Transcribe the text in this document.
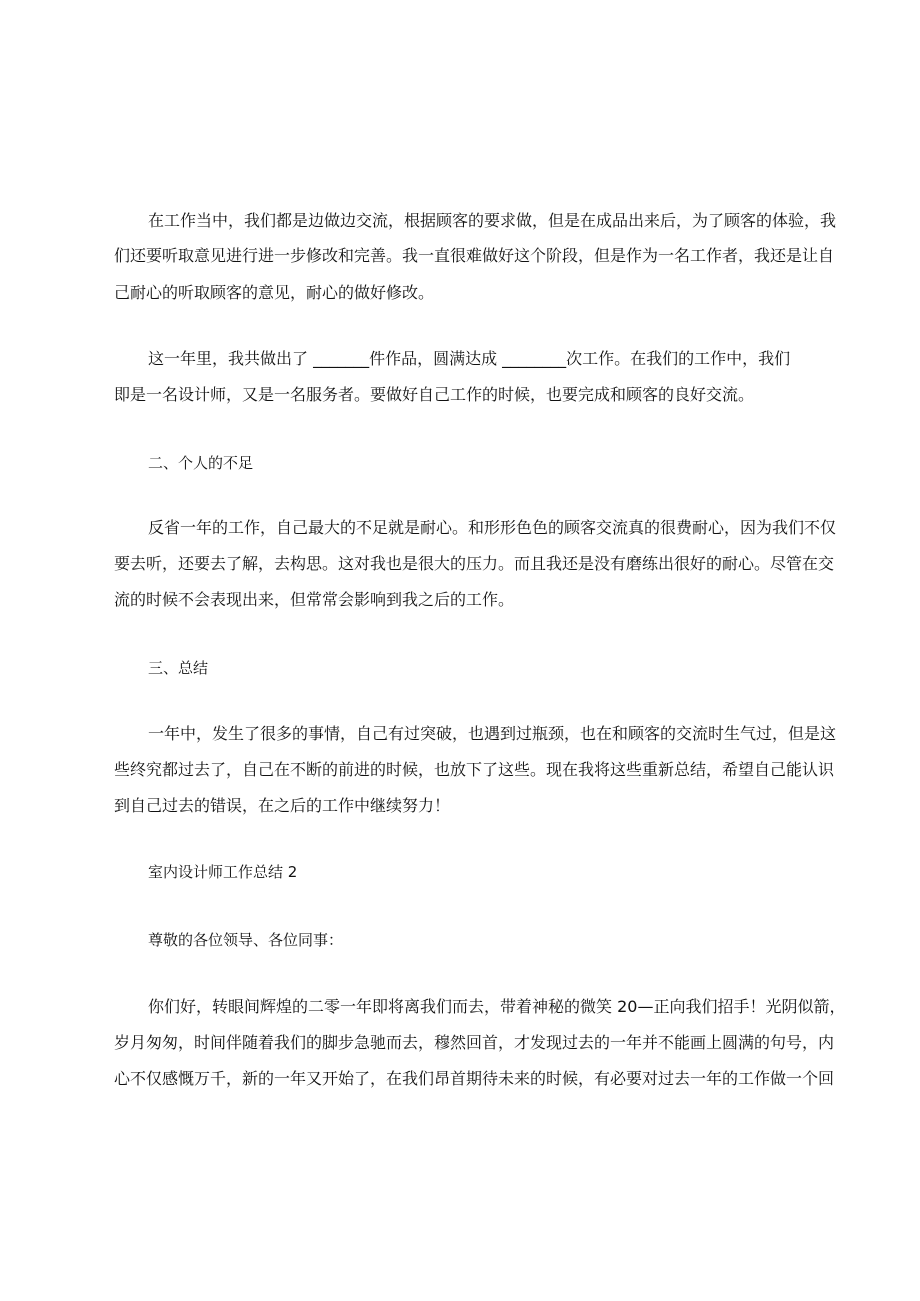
在工作当中，我们都是边做边交流，根据顾客的要求做，但是在成品出来后，为了顾客的体验，我
们还要听取意见进行进一步修改和完善。我一直很难做好这个阶段，但是作为一名工作者，我还是让自
己耐心的听取顾客的意见，耐心的做好修改。
这一年里，我共做出了 _______件作品，圆满达成 ________次工作。在我们的工作中，我们
即是一名设计师，又是一名服务者。要做好自己工作的时候，也要完成和顾客的良好交流。
二、个人的不足
反省一年的工作，自己最大的不足就是耐心。和形形色色的顾客交流真的很费耐心，因为我们不仅
要去听，还要去了解，去构思。这对我也是很大的压力。而且我还是没有磨练出很好的耐心。尽管在交
流的时候不会表现出来，但常常会影响到我之后的工作。
三、总结
一年中，发生了很多的事情，自己有过突破，也遇到过瓶颈，也在和顾客的交流时生气过，但是这
些终究都过去了，自己在不断的前进的时候，也放下了这些。现在我将这些重新总结，希望自己能认识
到自己过去的错误，在之后的工作中继续努力！
室内设计师工作总结 2
尊敬的各位领导、各位同事：
你们好，转眼间辉煌的二零一年即将离我们而去，带着神秘的微笑 20—正向我们招手！光阴似箭，
岁月匆匆，时间伴随着我们的脚步急驰而去，穆然回首，才发现过去的一年并不能画上圆满的句号，内
心不仅感慨万千，新的一年又开始了，在我们昂首期待未来的时候，有必要对过去一年的工作做一个回
